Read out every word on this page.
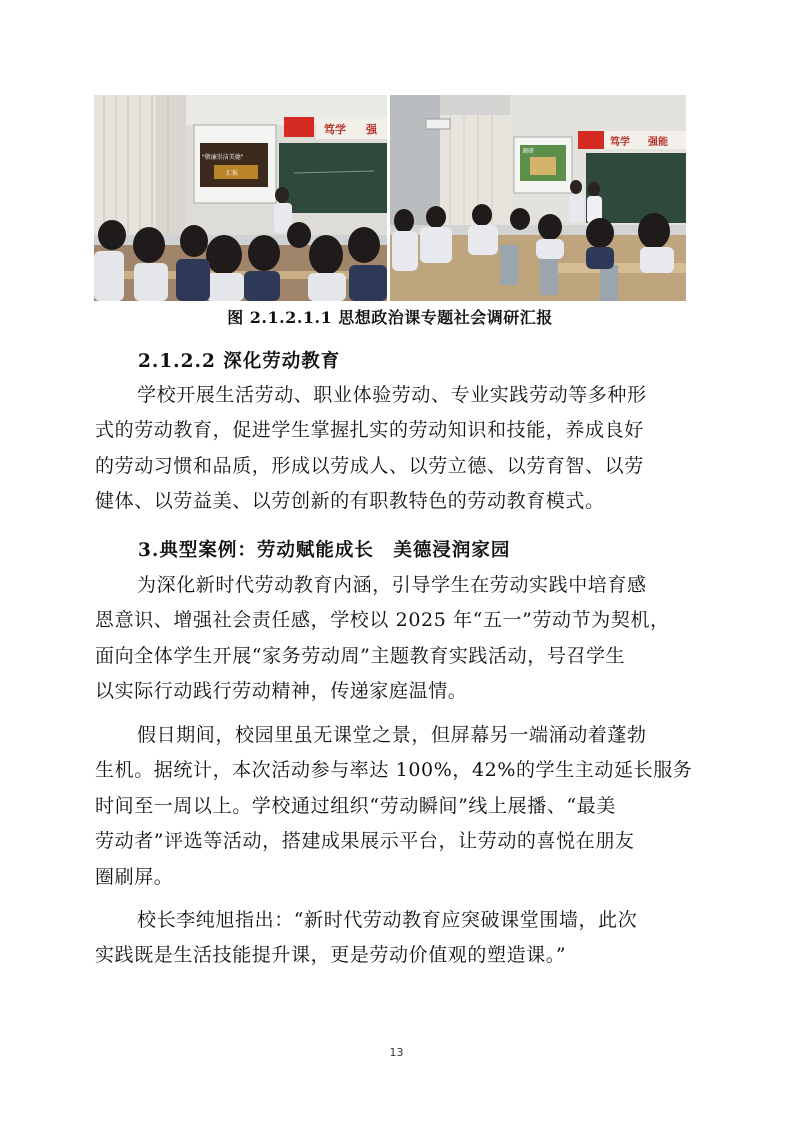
笃学 强
"敬廉崇洁美德"
汇报
笃学 强能
调研
图 2.1.2.1.1 思想政治课专题社会调研汇报
2.1.2.2 深化劳动教育
学校开展生活劳动、职业体验劳动、专业实践劳动等多种形
式的劳动教育，促进学生掌握扎实的劳动知识和技能，养成良好
的劳动习惯和品质，形成以劳成人、以劳立德、以劳育智、以劳
健体、以劳益美、以劳创新的有职教特色的劳动教育模式。
3.典型案例：劳动赋能成长　美德浸润家园
为深化新时代劳动教育内涵，引导学生在劳动实践中培育感
恩意识、增强社会责任感，学校以 2025 年“五一”劳动节为契机，
面向全体学生开展“家务劳动周”主题教育实践活动，号召学生
以实际行动践行劳动精神，传递家庭温情。
假日期间，校园里虽无课堂之景，但屏幕另一端涌动着蓬勃
生机。据统计，本次活动参与率达 100%，42%的学生主动延长服务
时间至一周以上。学校通过组织“劳动瞬间”线上展播、“最美
劳动者”评选等活动，搭建成果展示平台，让劳动的喜悦在朋友
圈刷屏。
校长李纯旭指出：“新时代劳动教育应突破课堂围墙，此次
实践既是生活技能提升课，更是劳动价值观的塑造课。”
13
